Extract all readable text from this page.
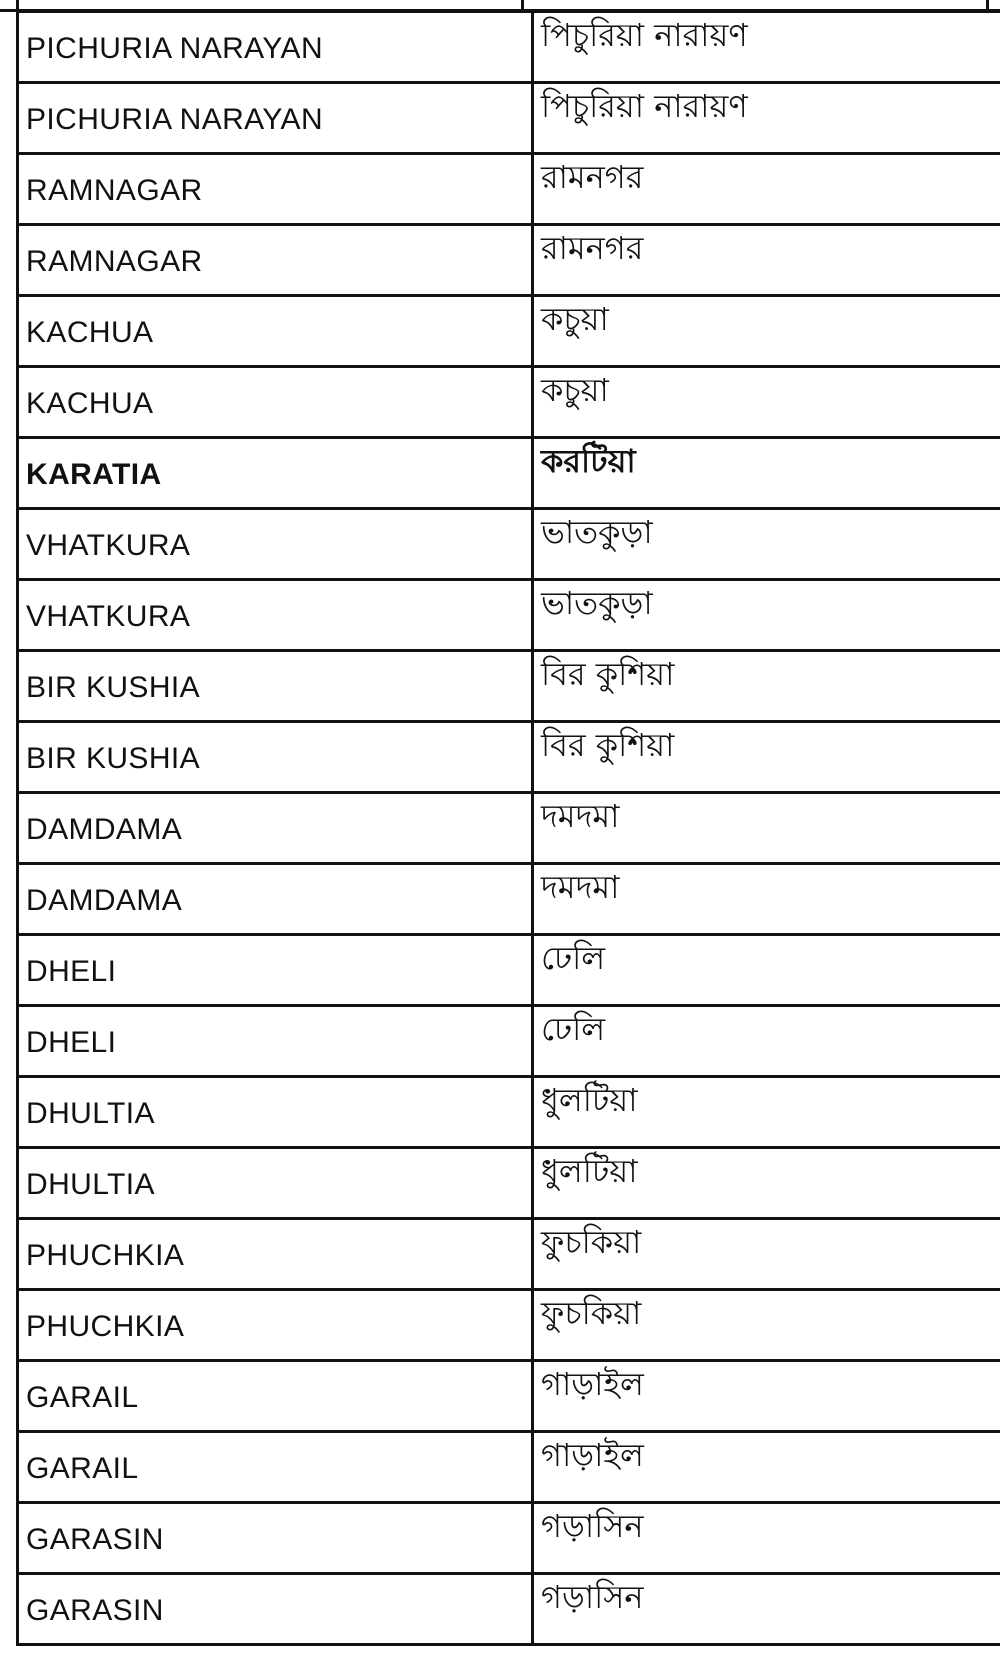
PICHURIA NARAYAN	পিচুরিয়া নারায়ণ
PICHURIA NARAYAN	পিচুরিয়া নারায়ণ
RAMNAGAR	রামনগর
RAMNAGAR	রামনগর
KACHUA	কচুয়া
KACHUA	কচুয়া
KARATIA	করটিয়া
VHATKURA	ভাতকুড়া
VHATKURA	ভাতকুড়া
BIR KUSHIA	বির কুশিয়া
BIR KUSHIA	বির কুশিয়া
DAMDAMA	দমদমা
DAMDAMA	দমদমা
DHELI	ঢেলি
DHELI	ঢেলি
DHULTIA	ধুলটিয়া
DHULTIA	ধুলটিয়া
PHUCHKIA	ফুচকিয়া
PHUCHKIA	ফুচকিয়া
GARAIL	গাড়াইল
GARAIL	গাড়াইল
GARASIN	গড়াসিন
GARASIN	গড়াসিন
